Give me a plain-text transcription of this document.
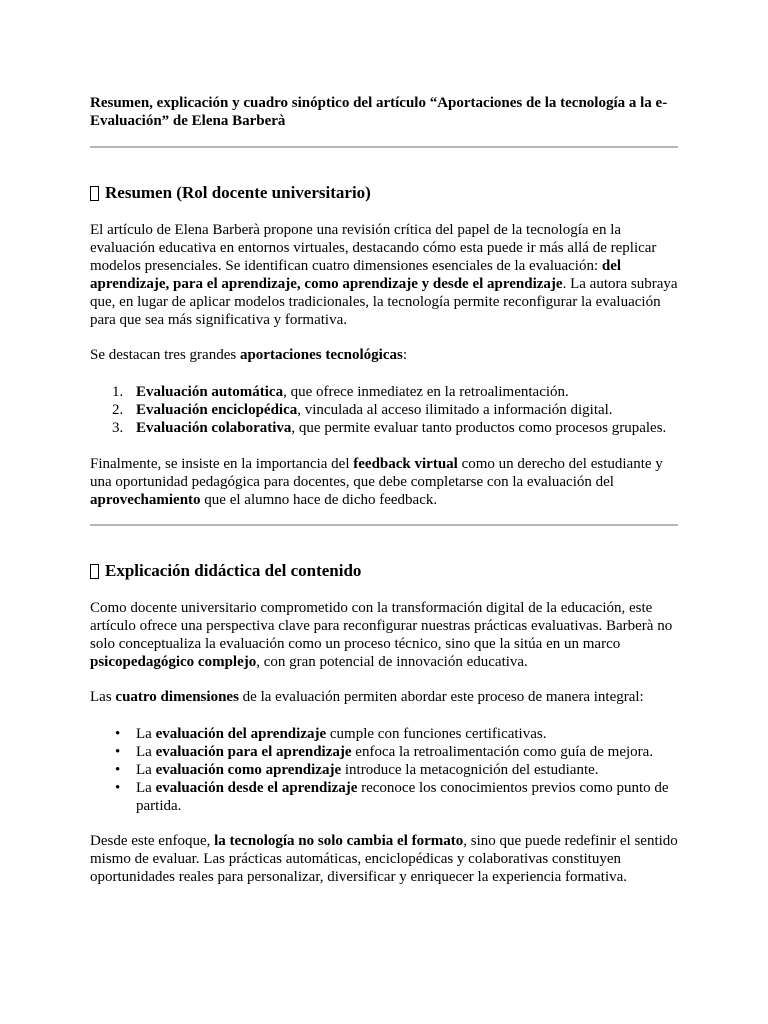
Resumen, explicación y cuadro sinóptico del artículo “Aportaciones de la tecnología a la e-Evaluación” de Elena Barberà
Resumen (Rol docente universitario)

El artículo de Elena Barberà propone una revisión crítica del papel de la tecnología en la evaluación educativa en entornos virtuales, destacando cómo esta puede ir más allá de replicar modelos presenciales. Se identifican cuatro dimensiones esenciales de la evaluación: del aprendizaje, para el aprendizaje, como aprendizaje y desde el aprendizaje. La autora subraya que, en lugar de aplicar modelos tradicionales, la tecnología permite reconfigurar la evaluación para que sea más significativa y formativa.

Se destacan tres grandes aportaciones tecnológicas:

1. Evaluación automática, que ofrece inmediatez en la retroalimentación.
2. Evaluación enciclopédica, vinculada al acceso ilimitado a información digital.
3. Evaluación colaborativa, que permite evaluar tanto productos como procesos grupales.

Finalmente, se insiste en la importancia del feedback virtual como un derecho del estudiante y una oportunidad pedagógica para docentes, que debe completarse con la evaluación del aprovechamiento que el alumno hace de dicho feedback.

Explicación didáctica del contenido

Como docente universitario comprometido con la transformación digital de la educación, este artículo ofrece una perspectiva clave para reconfigurar nuestras prácticas evaluativas. Barberà no solo conceptualiza la evaluación como un proceso técnico, sino que la sitúa en un marco psicopedagógico complejo, con gran potencial de innovación educativa.

Las cuatro dimensiones de la evaluación permiten abordar este proceso de manera integral:

•	La evaluación del aprendizaje cumple con funciones certificativas.
•	La evaluación para el aprendizaje enfoca la retroalimentación como guía de mejora.
•	La evaluación como aprendizaje introduce la metacognición del estudiante.
•	La evaluación desde el aprendizaje reconoce los conocimientos previos como punto de partida.

Desde este enfoque, la tecnología no solo cambia el formato, sino que puede redefinir el sentido mismo de evaluar. Las prácticas automáticas, enciclopédicas y colaborativas constituyen oportunidades reales para personalizar, diversificar y enriquecer la experiencia formativa.
